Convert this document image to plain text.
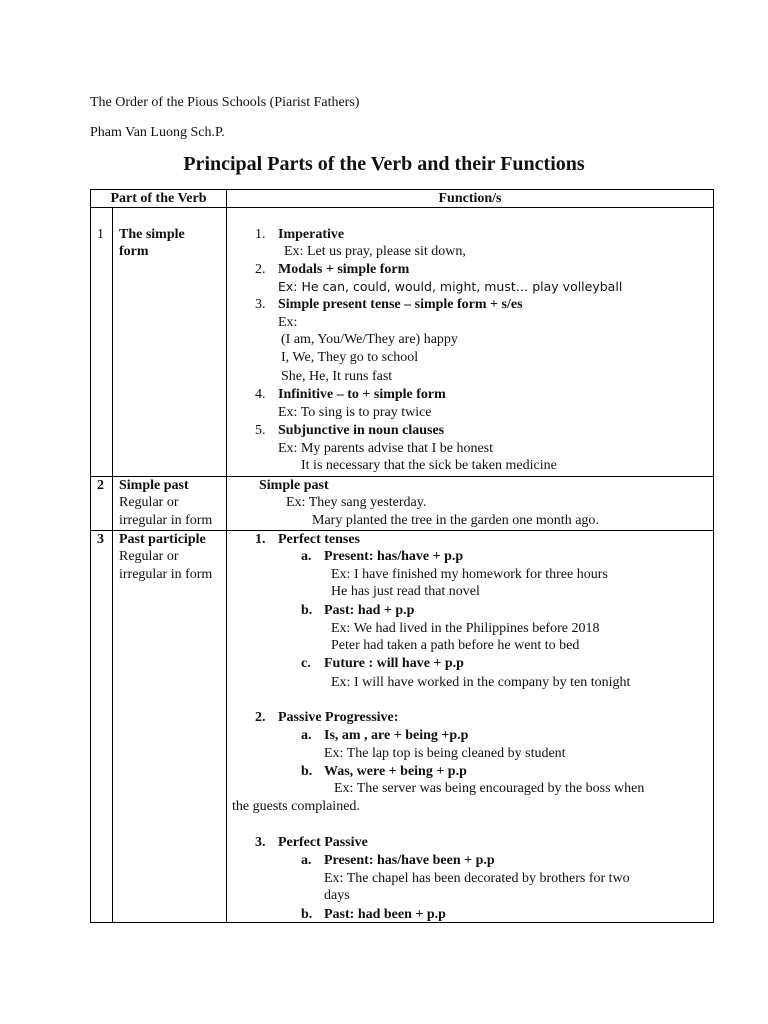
The Order of the Pious Schools (Piarist Fathers)
Pham Van Luong Sch.P.
Principal Parts of the Verb and their Functions
Part of the Verb	Function/s
1 The simple
form
1. Imperative
Ex: Let us pray, please sit down,
2. Modals + simple form
Ex: He can, could, would, might, must… play volleyball
3. Simple present tense – simple form + s/es
Ex:
(I am, You/We/They are) happy
I, We, They go to school
She, He, It runs fast
4. Infinitive – to + simple form
Ex: To sing is to pray twice
5. Subjunctive in noun clauses
Ex: My parents advise that I be honest
It is necessary that the sick be taken medicine
2 Simple past
Regular or
irregular in form
Simple past
Ex: They sang yesterday.
Mary planted the tree in the garden one month ago.
3 Past participle
Regular or
irregular in form
1. Perfect tenses
a. Present: has/have + p.p
Ex: I have finished my homework for three hours
He has just read that novel
b. Past: had + p.p
Ex: We had lived in the Philippines before 2018
Peter had taken a path before he went to bed
c. Future : will have + p.p
Ex: I will have worked in the company by ten tonight
2. Passive Progressive:
a. Is, am , are + being +p.p
Ex: The lap top is being cleaned by student
b. Was, were + being + p.p
Ex: The server was being encouraged by the boss when
the guests complained.
3. Perfect Passive
a. Present: has/have been + p.p
Ex: The chapel has been decorated by brothers for two
days
b. Past: had been + p.p
